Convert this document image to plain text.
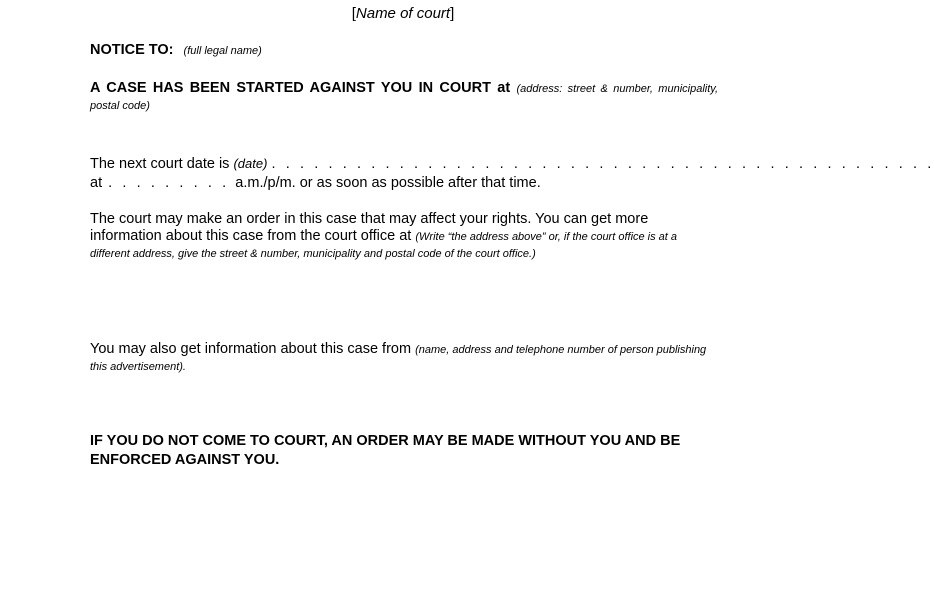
[Name of court]
NOTICE TO: (full legal name)
A CASE HAS BEEN STARTED AGAINST YOU IN COURT at (address: street & number, municipality, postal code)
The next court date is (date) . . . . . . . . . . . . . . . . . . . . . . . . . . . . . . . . . . . . . . . . . . . . . . .
at . . . . . . . . . a.m./p/m. or as soon as possible after that time.
The court may make an order in this case that may affect your rights. You can get more information about this case from the court office at (Write “the address above” or, if the court office is at a different address, give the street & number, municipality and postal code of the court office.)
You may also get information about this case from (name, address and telephone number of person publishing this advertisement).
IF YOU DO NOT COME TO COURT, AN ORDER MAY BE MADE WITHOUT YOU AND BE ENFORCED AGAINST YOU.
